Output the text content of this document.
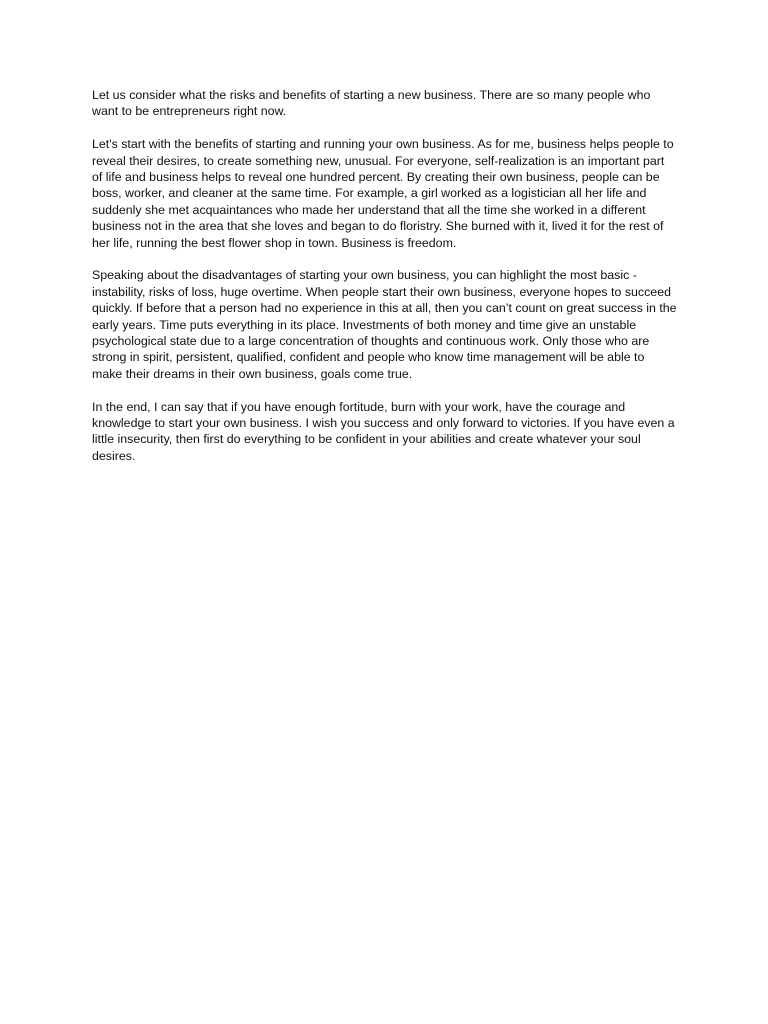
Let us consider what the risks and benefits of starting a new business. There are so many people who want to be entrepreneurs right now.

Let's start with the benefits of starting and running your own business. As for me, business helps people to reveal their desires, to create something new, unusual. For everyone, self-realization is an important part of life and business helps to reveal one hundred percent. By creating their own business, people can be boss, worker, and cleaner at the same time. For example, a girl worked as a logistician all her life and suddenly she met acquaintances who made her understand that all the time she worked in a different business not in the area that she loves and began to do floristry. She burned with it, lived it for the rest of her life, running the best flower shop in town. Business is freedom.

Speaking about the disadvantages of starting your own business, you can highlight the most basic - instability, risks of loss, huge overtime. When people start their own business, everyone hopes to succeed quickly. If before that a person had no experience in this at all, then you can’t count on great success in the early years. Time puts everything in its place. Investments of both money and time give an unstable psychological state due to a large concentration of thoughts and continuous work. Only those who are strong in spirit, persistent, qualified, confident and people who know time management will be able to make their dreams in their own business, goals come true.

In the end, I can say that if you have enough fortitude, burn with your work, have the courage and knowledge to start your own business. I wish you success and only forward to victories. If you have even a little insecurity, then first do everything to be confident in your abilities and create whatever your soul desires.
